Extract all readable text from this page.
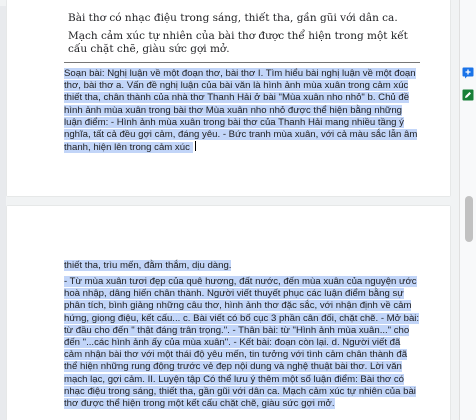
Bài thơ có nhạc điệu trong sáng, thiết tha, gần gũi với dân ca.
Mạch cảm xúc tự nhiên của bài thơ được thể hiện trong một kết cấu chặt chẽ, giàu sức gợi mở.
Soạn bài: Nghị luận về một đoạn thơ, bài thơ I. Tìm hiểu bài nghị luận về một đoạn thơ, bài thơ a. Vấn đề nghị luận của bài văn là hình ảnh mùa xuân trong cảm xúc thiết tha, chân thành của nhà thơ Thanh Hải ở bài "Mùa xuân nho nhỏ" b. Chủ đề hình ảnh mùa xuân trong bài thơ Mùa xuân nho nhỏ được thể hiện bằng những luận điểm: - Hình ảnh mùa xuân trong bài thơ của Thanh Hải mang nhiều tầng ý nghĩa, tất cả đều gợi cảm, đáng yêu. - Bức tranh mùa xuân, với cả màu sắc lẫn âm thanh, hiện lên trong cảm xúc
thiết tha, trìu mến, đằm thắm, dịu dàng.
- Từ mùa xuân tươi đẹp của quê hương, đất nước, đến mùa xuân của nguyện ước hoà nhập, dâng hiến chân thành. Người viết thuyết phục các luận điểm bằng sự phân tích, bình giảng những câu thơ, hình ảnh thơ đặc sắc, với nhận định về cảm hứng, giọng điệu, kết cấu... c. Bài viết có bố cục 3 phần cân đối, chặt chẽ. - Mở bài: từ đầu cho đến " thật đáng trân trọng.". - Thân bài: từ "Hình ảnh mùa xuân..." cho đến "...các hình ảnh ấy của mùa xuân". - Kết bài: đoạn còn lại. d. Người viết đã cảm nhận bài thơ với một thái độ yêu mến, tin tưởng với tình cảm chân thành đã thể hiện những rung động trước vẻ đẹp nội dung và nghệ thuật bài thơ. Lời văn mạch lạc, gợi cảm. II. Luyện tập Có thể lưu ý thêm một số luận điểm: Bài thơ có nhạc điệu trong sáng, thiết tha, gần gũi với dân ca. Mạch cảm xúc tự nhiên của bài thơ được thể hiện trong một kết cấu chặt chẽ, giàu sức gợi mở.
